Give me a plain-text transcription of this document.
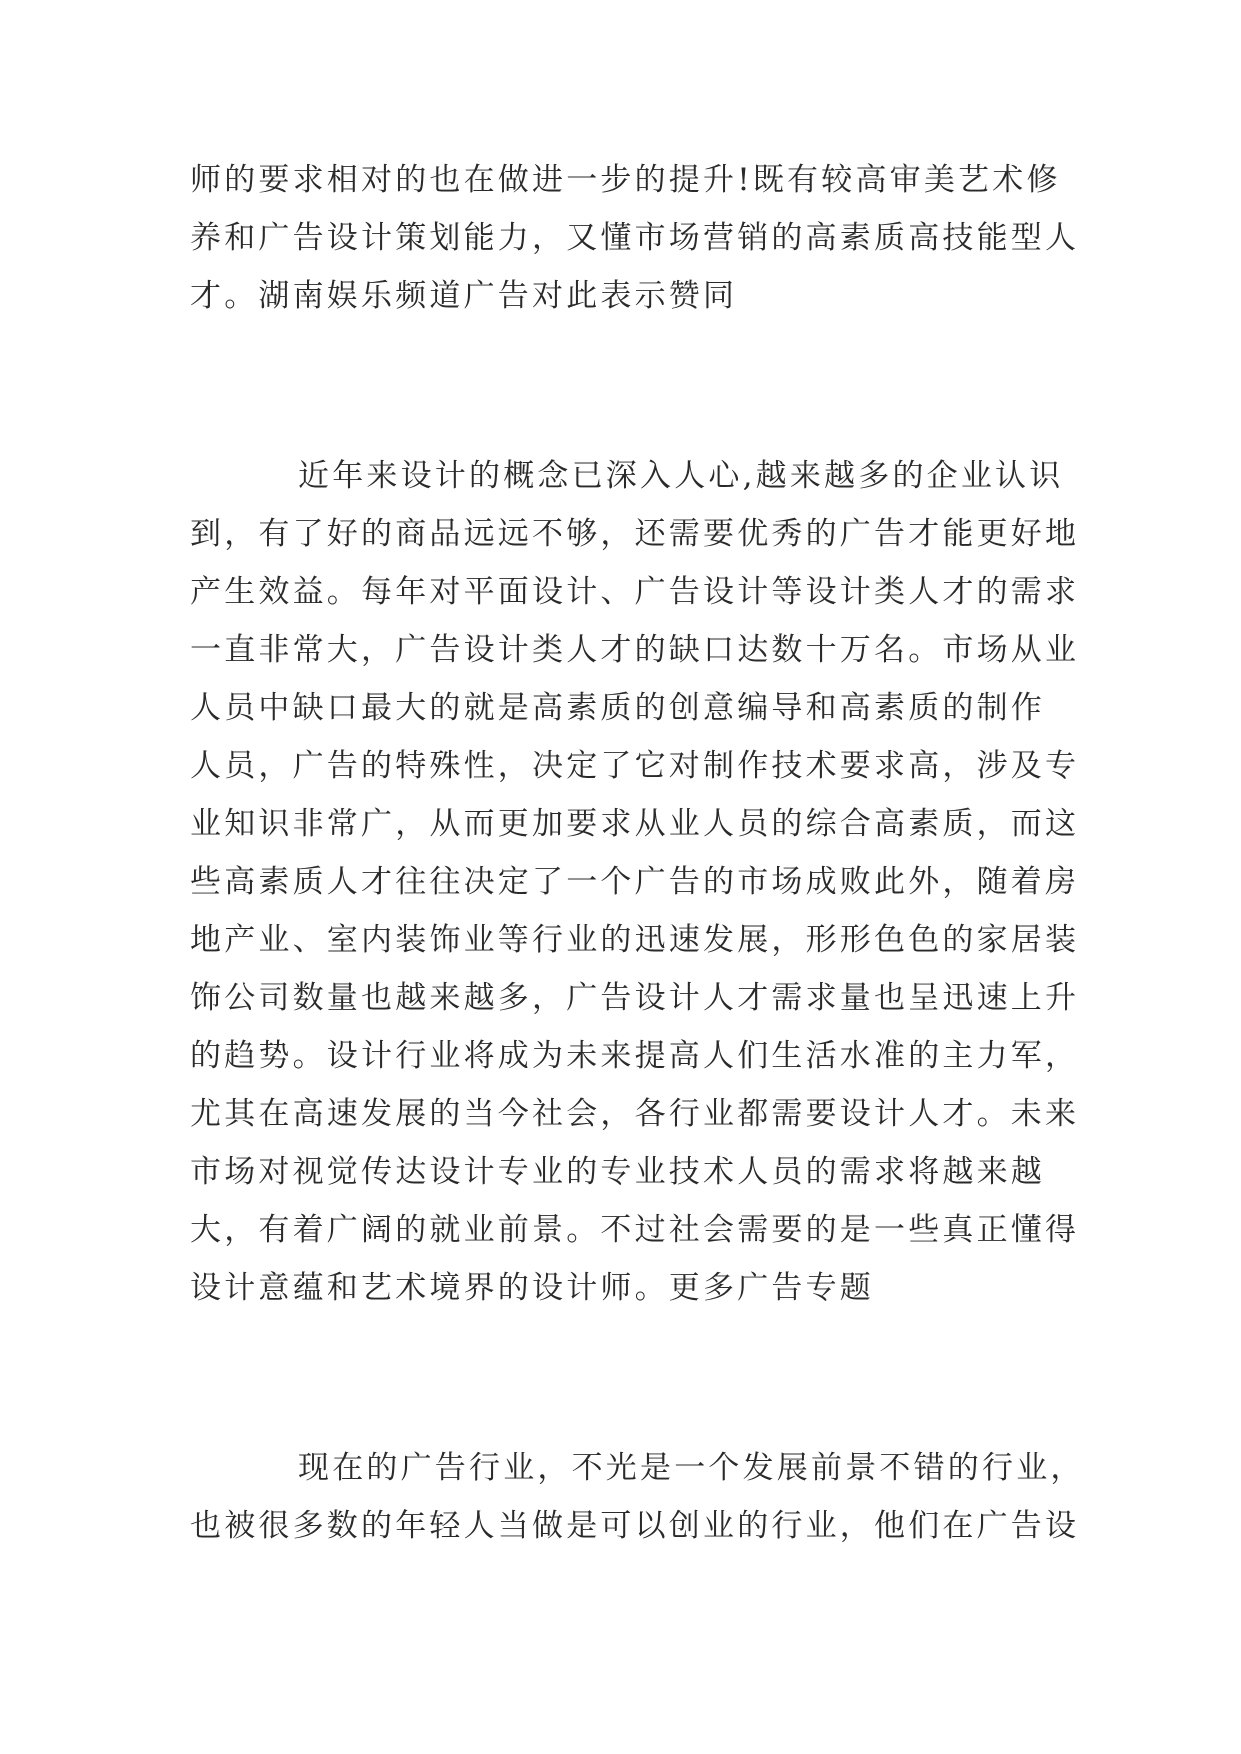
师的要求相对的也在做进一步的提升!既有较高审美艺术修
养和广告设计策划能力，又懂市场营销的高素质高技能型人
才。湖南娱乐频道广告对此表示赞同
近年来设计的概念已深入人心,越来越多的企业认识
到，有了好的商品远远不够，还需要优秀的广告才能更好地
产生效益。每年对平面设计、广告设计等设计类人才的需求
一直非常大，广告设计类人才的缺口达数十万名。市场从业
人员中缺口最大的就是高素质的创意编导和高素质的制作
人员，广告的特殊性，决定了它对制作技术要求高，涉及专
业知识非常广，从而更加要求从业人员的综合高素质，而这
些高素质人才往往决定了一个广告的市场成败此外，随着房
地产业、室内装饰业等行业的迅速发展，形形色色的家居装
饰公司数量也越来越多，广告设计人才需求量也呈迅速上升
的趋势。设计行业将成为未来提高人们生活水准的主力军，
尤其在高速发展的当今社会，各行业都需要设计人才。未来
市场对视觉传达设计专业的专业技术人员的需求将越来越
大，有着广阔的就业前景。不过社会需要的是一些真正懂得
设计意蕴和艺术境界的设计师。更多广告专题
现在的广告行业，不光是一个发展前景不错的行业，
也被很多数的年轻人当做是可以创业的行业，他们在广告设
